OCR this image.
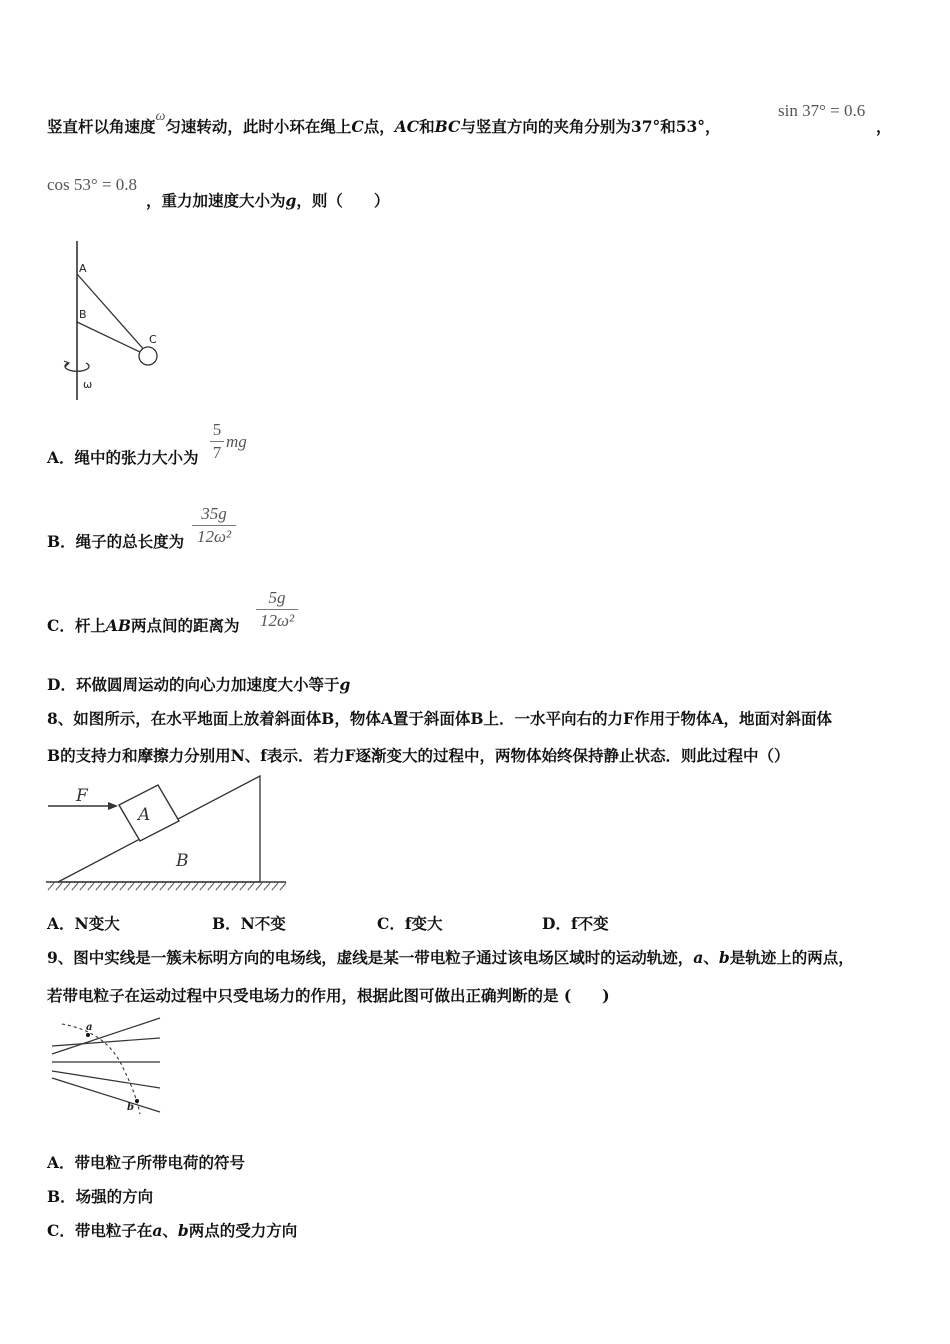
竖直杆以角速度ω匀速转动，此时小环在绳上C点，AC和BC与竖直方向的夹角分别为37°和53°，
sin 37° = 0.6
，
cos 53° = 0.8
，重力加速度大小为g，则（　　）
A
B
C
ω
A．绳中的张力大小为
5
7
mg
B．绳子的总长度为
35g
12ω²
C．杆上AB两点间的距离为
5g
12ω²
D．环做圆周运动的向心力加速度大小等于g
8、如图所示，在水平地面上放着斜面体B，物体A置于斜面体B上．一水平向右的力F作用于物体A，地面对斜面体
B的支持力和摩擦力分别用N、f表示．若力F逐渐变大的过程中，两物体始终保持静止状态．则此过程中（）
F
A
B
A．N变大	B．N不变	C．f变大	D．f不变
9、图中实线是一簇未标明方向的电场线，虚线是某一带电粒子通过该电场区域时的运动轨迹，a、b是轨迹上的两点，
若带电粒子在运动过程中只受电场力的作用，根据此图可做出正确判断的是 (　　)
a
b
A．带电粒子所带电荷的符号
B．场强的方向
C．带电粒子在a、b两点的受力方向
